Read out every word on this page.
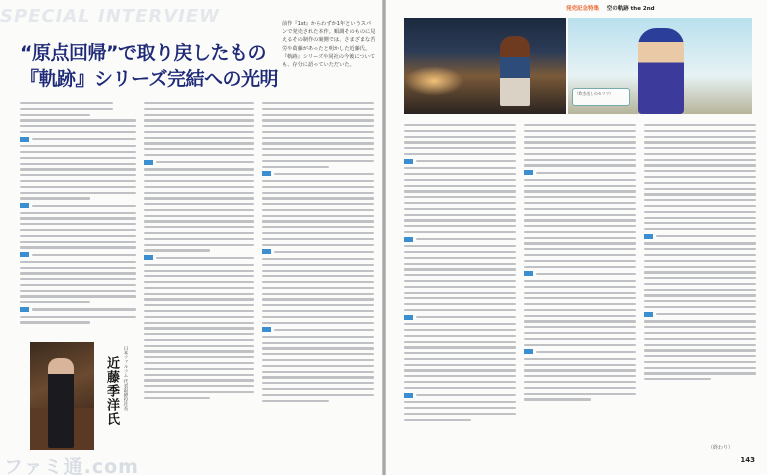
SPECIAL INTERVIEW
“原点回帰”で取り戻したもの
『軌跡』シリーズ完結への光明
前作『1st』からわずか1年というスパンで発売された本作。順調そのものに見えるその制作の裏側では、さまざまな苦労や葛藤があったと明かした近藤氏。『軌跡』シリーズや同社の今後についても、存分に語っていただいた。
日本ファルコム 代表取締役社長
近藤季洋氏
ファミ通.com
発売記念特集 空の軌跡 the 2nd
（吹き出しのセリフ）
（終わり）
143
